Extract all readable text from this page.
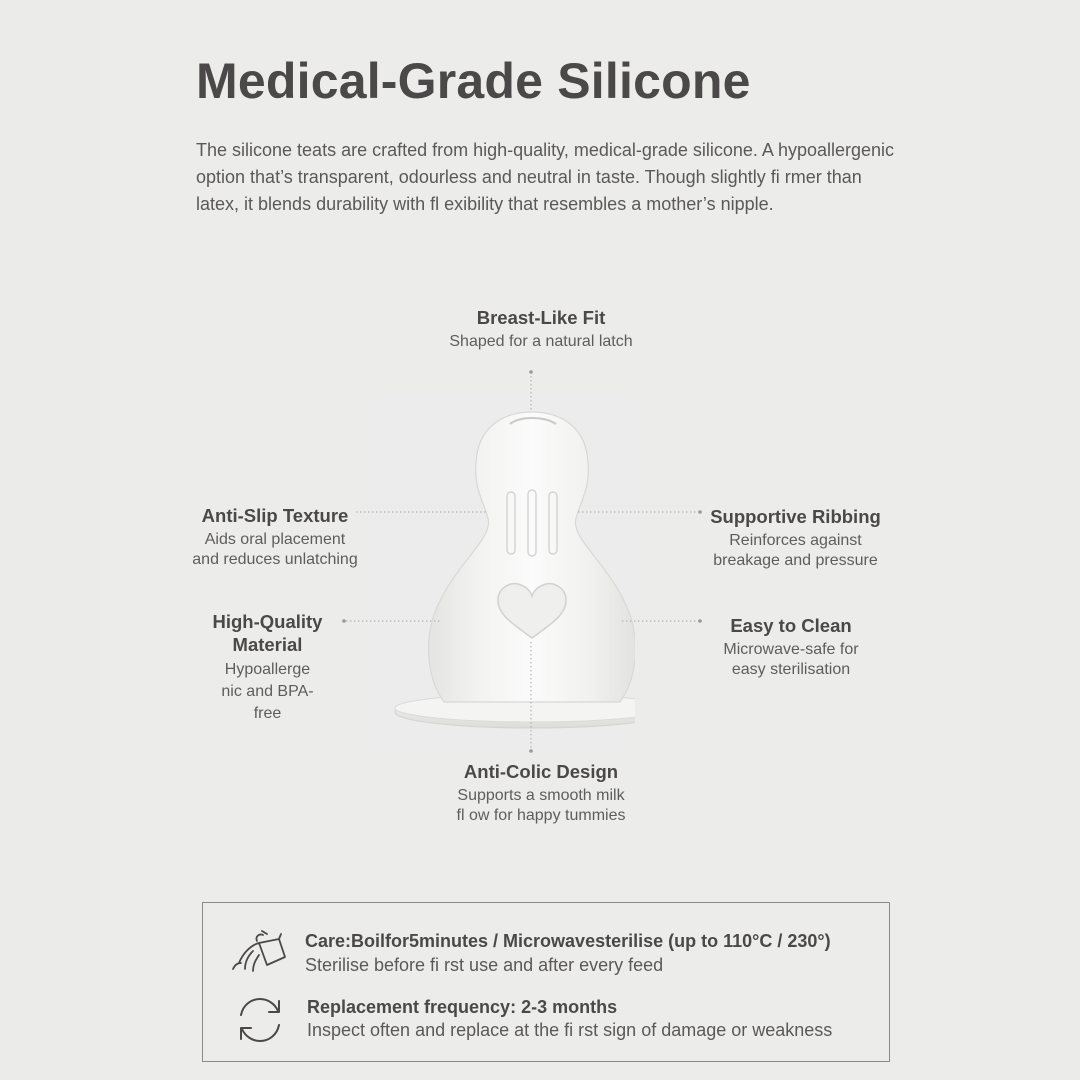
Medical-Grade Silicone

The silicone teats are crafted from high-quality, medical-grade silicone. A hypoallergenic option that’s transparent, odourless and neutral in taste. Though slightly fi rmer than latex, it blends durability with fl exibility that resembles a mother’s nipple.

Breast-Like Fit
Shaped for a natural latch
Anti-Slip Texture
Aids oral placement
and reduces unlatching
High-Quality
Material
Hypoallerge
nic and BPA-
free
Supportive Ribbing
Reinforces against
breakage and pressure
Easy to Clean
Microwave-safe for
easy sterilisation
Anti-Colic Design
Supports a smooth milk
fl ow for happy tummies
Care:Boilfor5minutes / Microwavesterilise (up to 110°C / 230°)
Sterilise before fi rst use and after every feed
Replacement frequency: 2-3 months
Inspect often and replace at the fi rst sign of damage or weakness
